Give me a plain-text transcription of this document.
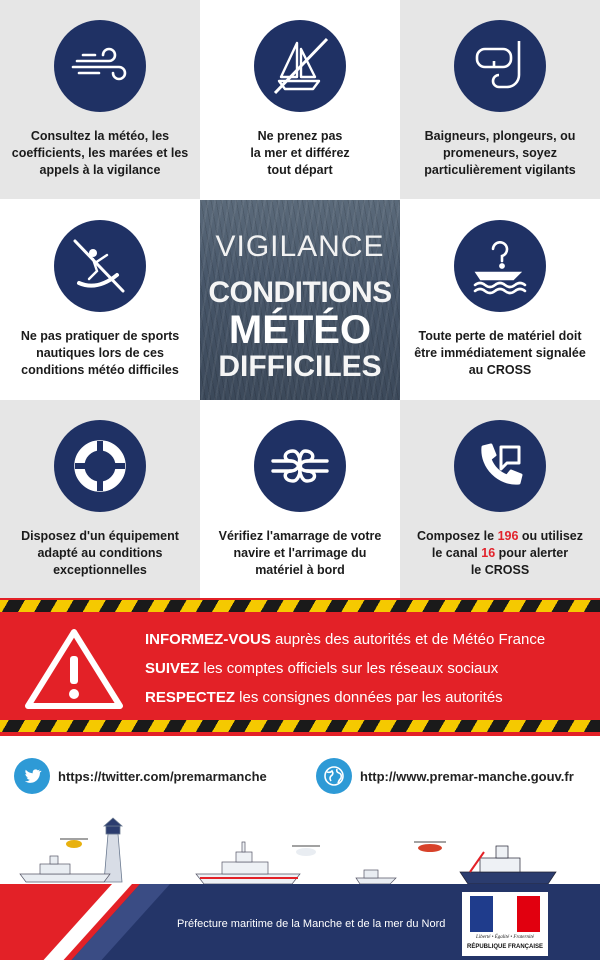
Consultez la météo, les
coefficients, les marées et les
appels à la vigilance
Ne prenez pas
la mer et différez
tout départ
Baigneurs, plongeurs, ou
promeneurs, soyez
particulièrement vigilants
Ne pas pratiquer de sports
nautiques lors de ces
conditions météo difficiles
Toute perte de matériel doit
être immédiatement signalée
au CROSS
Disposez d'un équipement
adapté au conditions
exceptionnelles
Vérifiez l'amarrage de votre
navire et l'arrimage du
matériel à bord
Composez le 196 ou utilisez
le canal 16 pour alerter
le CROSS
VIGILANCE
CONDITIONS
MÉTÉO
DIFFICILES
INFORMEZ-VOUS auprès des autorités et de Météo France
SUIVEZ les comptes officiels sur les réseaux sociaux
RESPECTEZ les consignes données par les autorités
https://twitter.com/premarmanche	http://www.premar-manche.gouv.fr
Préfecture maritime de la Manche et de la mer du Nord
Liberté • Égalité • Fraternité
RÉPUBLIQUE FRANÇAISE
